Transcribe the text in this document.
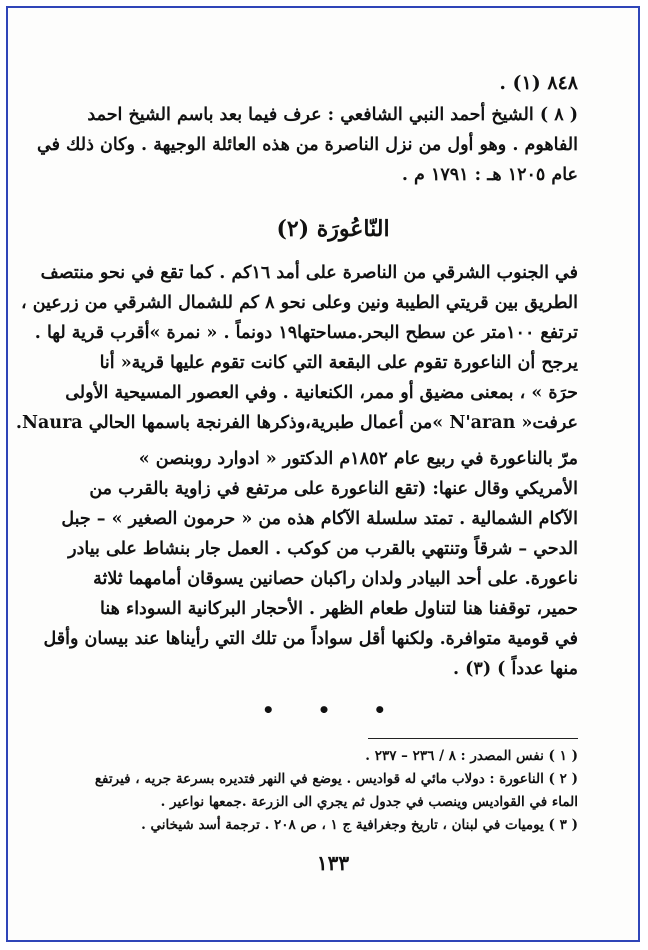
٨٤٨ (١) .
( ٨ ) الشيخ أحمد النبي الشافعي : عرف فيما بعد باسم الشيخ احمد
الفاهوم . وهو أول من نزل الناصرة من هذه العائلة الوجيهة . وكان ذلك في
عام ١٢٠٥ هـ : ١٧٩١ م .
النّاعُورَة (٢)
في الجنوب الشرقي من الناصرة على أمد ١٦كم . كما تقع في نحو منتصف
الطريق بين قريتي الطيبة ونين وعلى نحو ٨ كم للشمال الشرقي من زرعين ،
ترتفع ١٠٠متر عن سطح البحر.مساحتها١٩ دونماً . « نمرة »أقرب قرية لها .
يرجح أن الناعورة تقوم على البقعة التي كانت تقوم عليها قرية« أنا
حرَة » ، بمعنى مضيق أو ممر، الكنعانية . وفي العصور المسيحية الأولى
عرفت« N'aran »من أعمال طبرية،وذكرها الفرنجة باسمها الحالي Naura.
مرّ بالناعورة في ربيع عام ١٨٥٢م الدكتور « ادوارد روبنصن »
الأمريكي وقال عنها: (تقع الناعورة على مرتفع في زاوية بالقرب من
الآكام الشمالية . تمتد سلسلة الآكام هذه من « حرمون الصغير » – جبل
الدحي – شرقاً وتنتهي بالقرب من كوكب . العمل جار بنشاط على بيادر
ناعورة. على أحد البيادر ولدان راكبان حصانين يسوقان أمامهما ثلاثة
حمير، توقفنا هنا لتناول طعام الظهر . الأحجار البركانية السوداء هنا
في قومية متوافرة. ولكنها أقل سواداً من تلك التي رأيناها عند بيسان وأقل
منها عدداً ) (٣) .
• • •
( ١ ) نفس المصدر : ٨ / ٢٣٦ – ٢٣٧ .
( ٢ ) الناعورة : دولاب مائي له قواديس . يوضع في النهر فتديره بسرعة جريه ، فيرتفع
الماء في القواديس وينصب في جدول ثم يجري الى الزرعة .جمعها نواعير .
( ٣ ) يوميات في لبنان ، تاريخ وجغرافية ج ١ ، ص ٢٠٨ . ترجمة أسد شيخاني .
١٣٣
